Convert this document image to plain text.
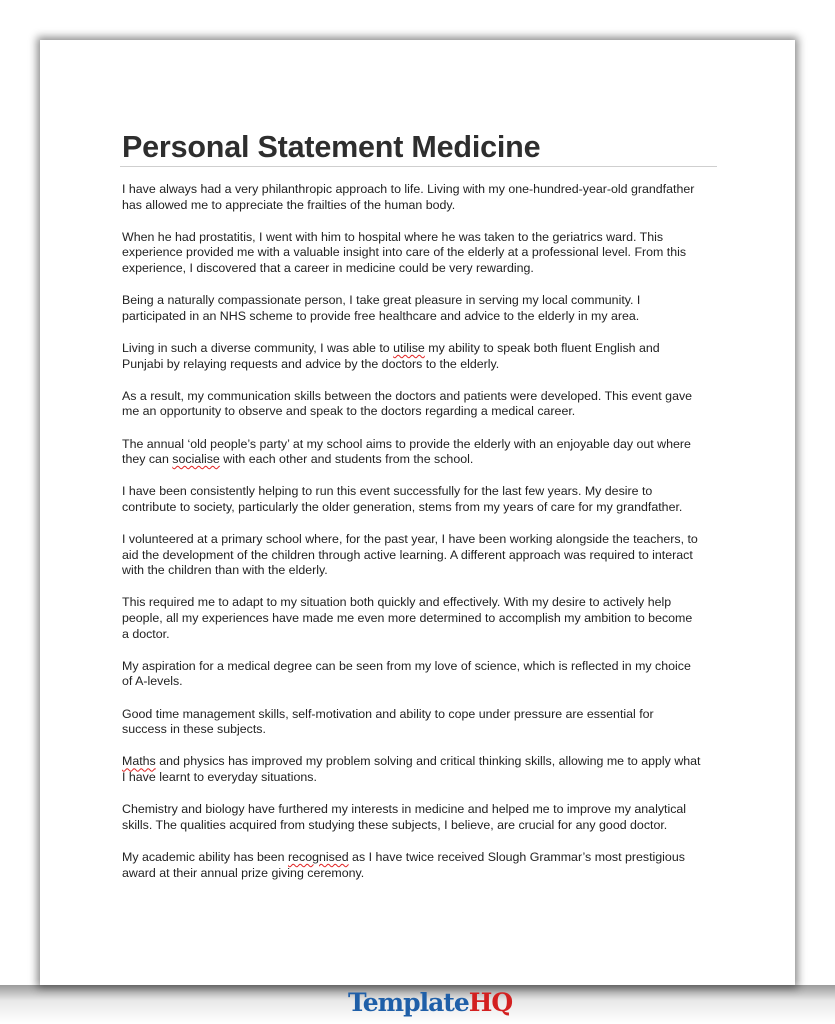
Personal Statement Medicine

I have always had a very philanthropic approach to life. Living with my one-hundred-year-old grandfather
has allowed me to appreciate the frailties of the human body.

When he had prostatitis, I went with him to hospital where he was taken to the geriatrics ward. This
experience provided me with a valuable insight into care of the elderly at a professional level. From this
experience, I discovered that a career in medicine could be very rewarding.

Being a naturally compassionate person, I take great pleasure in serving my local community. I
participated in an NHS scheme to provide free healthcare and advice to the elderly in my area.

Living in such a diverse community, I was able to utilise my ability to speak both fluent English and
Punjabi by relaying requests and advice by the doctors to the elderly.

As a result, my communication skills between the doctors and patients were developed. This event gave
me an opportunity to observe and speak to the doctors regarding a medical career.

The annual ‘old people’s party’ at my school aims to provide the elderly with an enjoyable day out where
they can socialise with each other and students from the school.

I have been consistently helping to run this event successfully for the last few years. My desire to
contribute to society, particularly the older generation, stems from my years of care for my grandfather.

I volunteered at a primary school where, for the past year, I have been working alongside the teachers, to
aid the development of the children through active learning. A different approach was required to interact
with the children than with the elderly.

This required me to adapt to my situation both quickly and effectively. With my desire to actively help
people, all my experiences have made me even more determined to accomplish my ambition to become
a doctor.

My aspiration for a medical degree can be seen from my love of science, which is reflected in my choice
of A-levels.

Good time management skills, self-motivation and ability to cope under pressure are essential for
success in these subjects.

Maths and physics has improved my problem solving and critical thinking skills, allowing me to apply what
I have learnt to everyday situations.

Chemistry and biology have furthered my interests in medicine and helped me to improve my analytical
skills. The qualities acquired from studying these subjects, I believe, are crucial for any good doctor.

My academic ability has been recognised as I have twice received Slough Grammar’s most prestigious
award at their annual prize giving ceremony.

TemplateHQ
